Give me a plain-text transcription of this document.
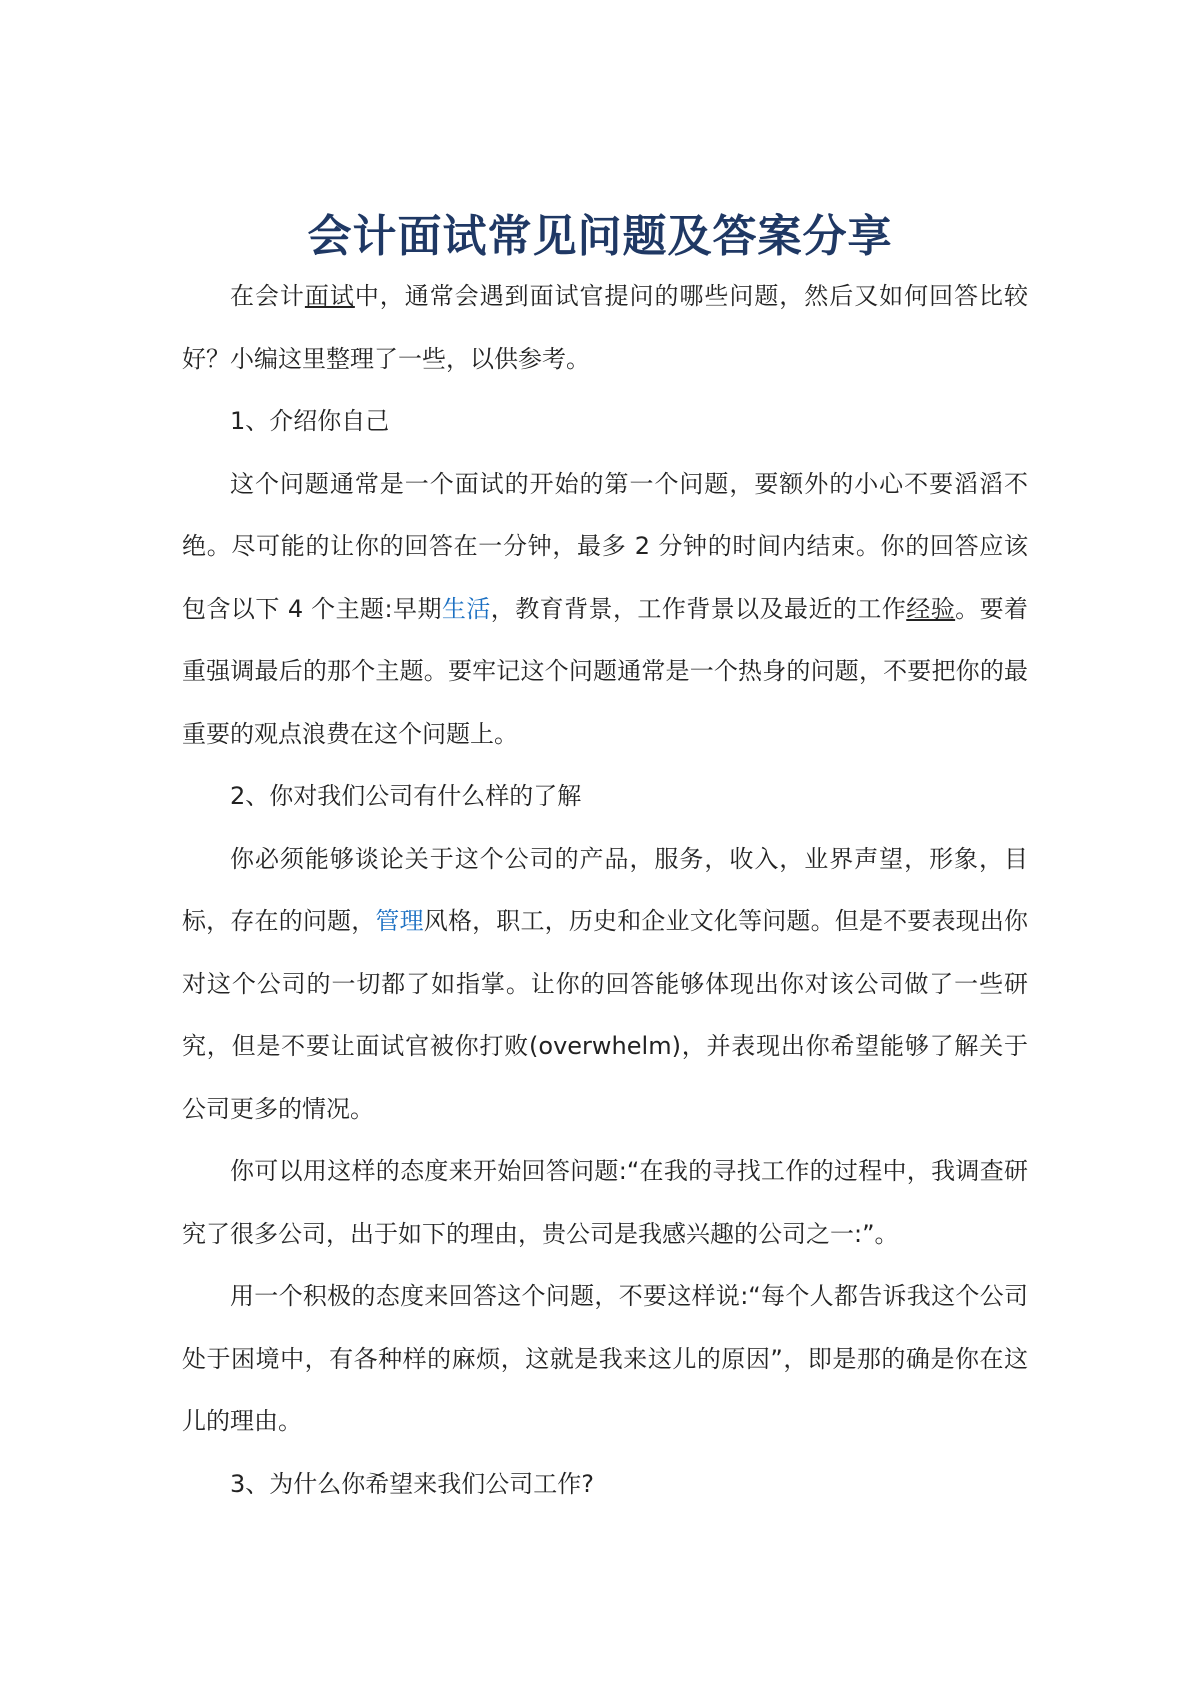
会计面试常见问题及答案分享

在会计面试中，通常会遇到面试官提问的哪些问题，然后又如何回答比较好？小编这里整理了一些，以供参考。

1、介绍你自己

这个问题通常是一个面试的开始的第一个问题，要额外的小心不要滔滔不绝。尽可能的让你的回答在一分钟，最多 2 分钟的时间内结束。你的回答应该包含以下 4 个主题:早期生活，教育背景，工作背景以及最近的工作经验。要着重强调最后的那个主题。要牢记这个问题通常是一个热身的问题，不要把你的最重要的观点浪费在这个问题上。

2、你对我们公司有什么样的了解

你必须能够谈论关于这个公司的产品，服务，收入，业界声望，形象，目标，存在的问题，管理风格，职工，历史和企业文化等问题。但是不要表现出你对这个公司的一切都了如指掌。让你的回答能够体现出你对该公司做了一些研究，但是不要让面试官被你打败(overwhelm)，并表现出你希望能够了解关于公司更多的情况。

你可以用这样的态度来开始回答问题:“在我的寻找工作的过程中，我调查研究了很多公司，出于如下的理由，贵公司是我感兴趣的公司之一:”。

用一个积极的态度来回答这个问题，不要这样说:“每个人都告诉我这个公司处于困境中，有各种样的麻烦，这就是我来这儿的原因”，即是那的确是你在这儿的理由。

3、为什么你希望来我们公司工作?
